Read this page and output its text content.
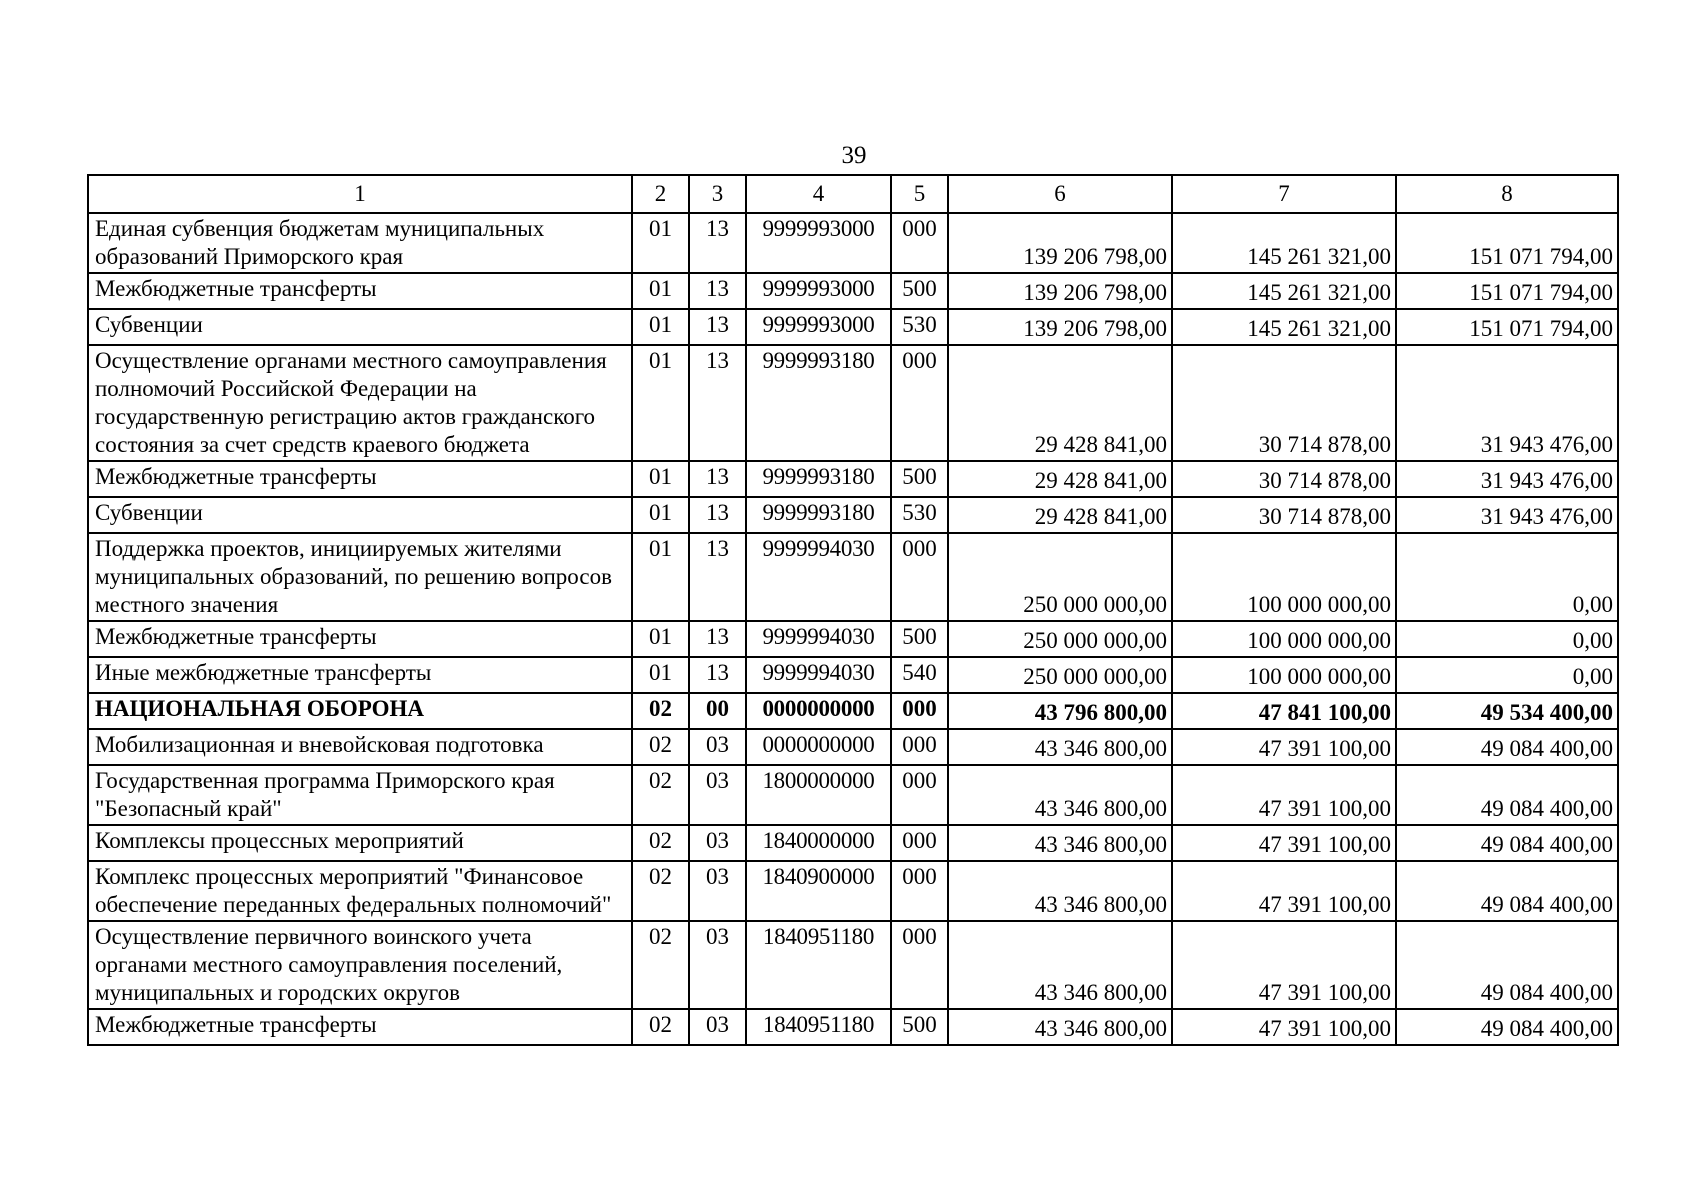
39
1	2	3	4	5	6	7	8
Единая субвенция бюджетам муниципальных образований Приморского края	01	13	9999993000	000	139 206 798,00	145 261 321,00	151 071 794,00
Межбюджетные трансферты	01	13	9999993000	500	139 206 798,00	145 261 321,00	151 071 794,00
Субвенции	01	13	9999993000	530	139 206 798,00	145 261 321,00	151 071 794,00
Осуществление органами местного самоуправления полномочий Российской Федерации на государственную регистрацию актов гражданского состояния за счет средств краевого бюджета	01	13	9999993180	000	29 428 841,00	30 714 878,00	31 943 476,00
Межбюджетные трансферты	01	13	9999993180	500	29 428 841,00	30 714 878,00	31 943 476,00
Субвенции	01	13	9999993180	530	29 428 841,00	30 714 878,00	31 943 476,00
Поддержка проектов, инициируемых жителями муниципальных образований, по решению вопросов местного значения	01	13	9999994030	000	250 000 000,00	100 000 000,00	0,00
Межбюджетные трансферты	01	13	9999994030	500	250 000 000,00	100 000 000,00	0,00
Иные межбюджетные трансферты	01	13	9999994030	540	250 000 000,00	100 000 000,00	0,00
НАЦИОНАЛЬНАЯ ОБОРОНА	02	00	0000000000	000	43 796 800,00	47 841 100,00	49 534 400,00
Мобилизационная и вневойсковая подготовка	02	03	0000000000	000	43 346 800,00	47 391 100,00	49 084 400,00
Государственная программа Приморского края "Безопасный край"	02	03	1800000000	000	43 346 800,00	47 391 100,00	49 084 400,00
Комплексы процессных мероприятий	02	03	1840000000	000	43 346 800,00	47 391 100,00	49 084 400,00
Комплекс процессных мероприятий "Финансовое обеспечение переданных федеральных полномочий"	02	03	1840900000	000	43 346 800,00	47 391 100,00	49 084 400,00
Осуществление первичного воинского учета органами местного самоуправления поселений, муниципальных и городских округов	02	03	1840951180	000	43 346 800,00	47 391 100,00	49 084 400,00
Межбюджетные трансферты	02	03	1840951180	500	43 346 800,00	47 391 100,00	49 084 400,00
